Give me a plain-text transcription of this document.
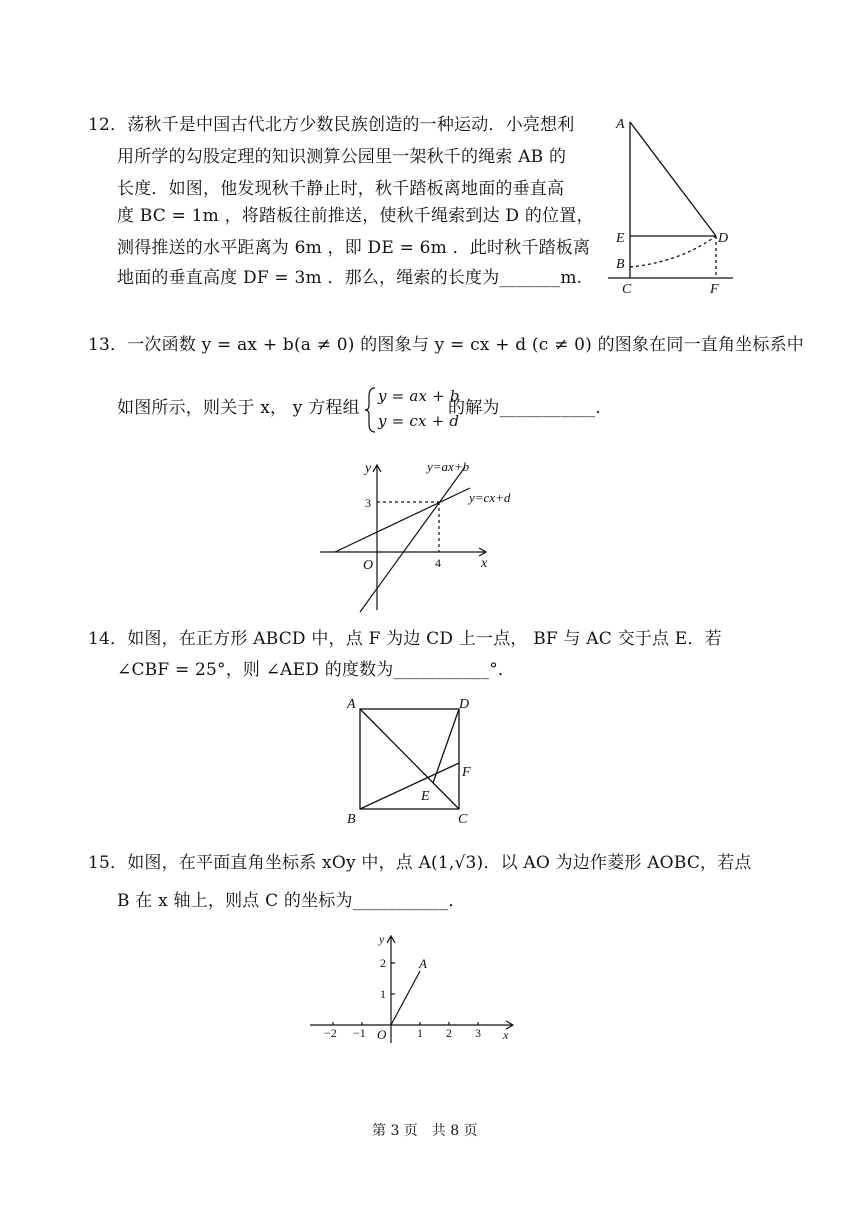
12．荡秋千是中国古代北方少数民族创造的一种运动．小亮想利
用所学的勾股定理的知识测算公园里一架秋千的绳索 AB 的
长度．如图，他发现秋千静止时，秋千踏板离地面的垂直高
度 BC = 1m ，将踏板往前推送，使秋千绳索到达 D 的位置，
测得推送的水平距离为 6m ，即 DE = 6m ．此时秋千踏板离
地面的垂直高度 DF = 3m ．那么，绳索的长度为_______m.
A
E
B
C
D
F
13．一次函数 y = ax + b(a ≠ 0) 的图象与 y = cx + d (c ≠ 0) 的图象在同一直角坐标系中
如图所示，则关于 x， y 方程组
y = ax + b
y = cx + d
的解为___________．
y
x
O
3
4
y=ax+b
y=cx+d
14．如图，在正方形 ABCD 中，点 F 为边 CD 上一点， BF 与 AC 交于点 E．若
∠CBF = 25°，则 ∠AED 的度数为___________°．
A	D
B	C
F
E
15．如图，在平面直角坐标系 xOy 中，点 A(1,√3)．以 AO 为边作菱形 AOBC，若点
B 在 x 轴上，则点 C 的坐标为___________．
y
x
O
A
−2 −1	1 2 3
1
2
第 3 页　共 8 页
